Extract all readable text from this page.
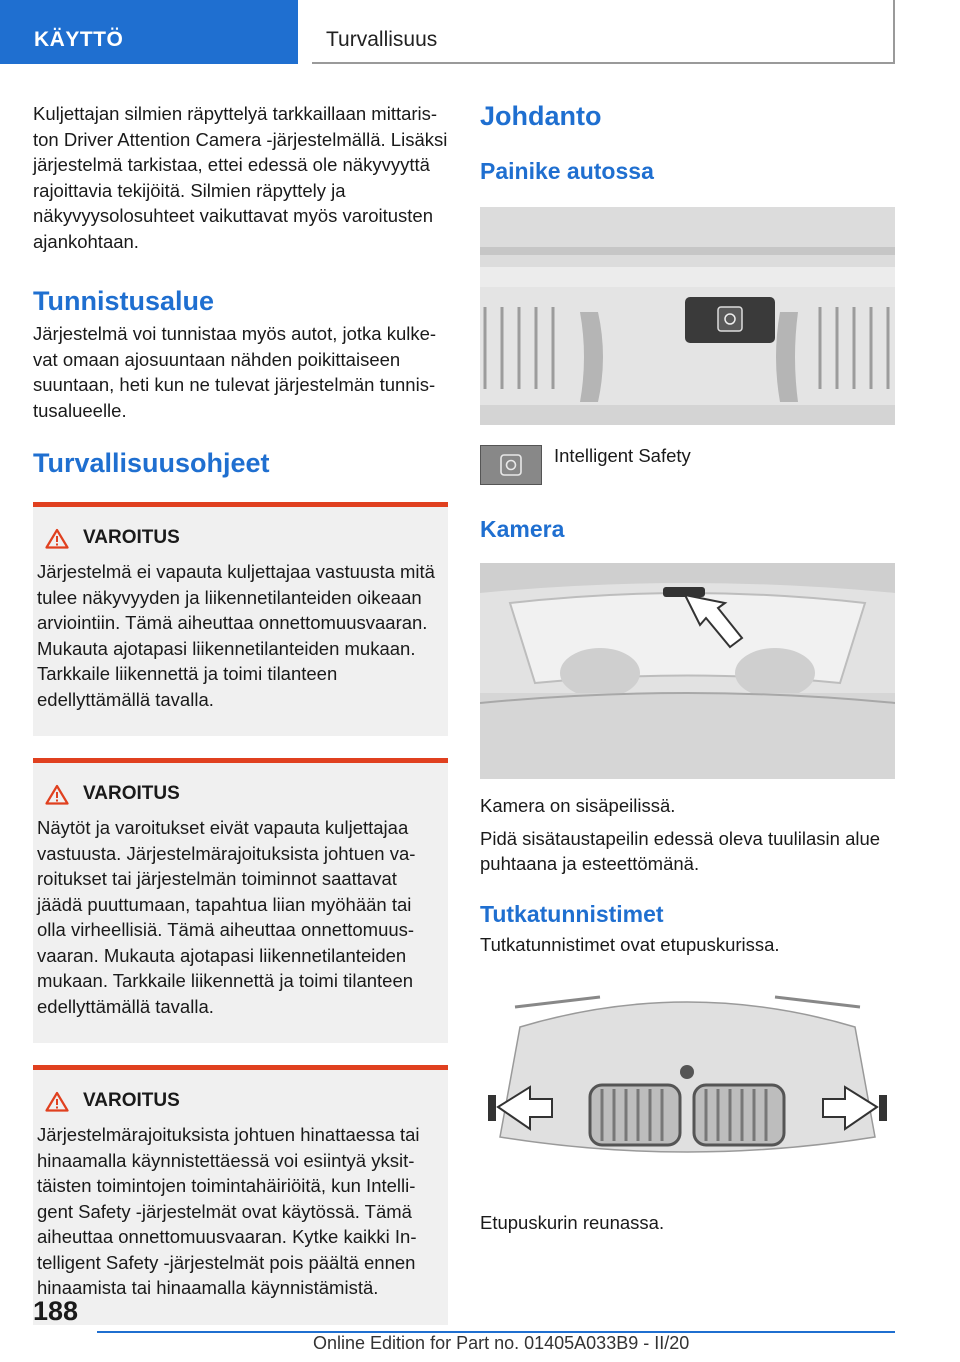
KÄYTTÖ	Turvallisuus

Kuljettajan silmien räpyttelyä tarkkaillaan mittariston Driver Attention Camera -järjestelmällä. Lisäksi järjestelmä tarkistaa, ettei edessä ole näkyvyyttä rajoittavia tekijöitä. Silmien räpyttely ja näkyvyysolosuhteet vaikuttavat myös varoitusten ajankohtaan.

Tunnistusalue

Järjestelmä voi tunnistaa myös autot, jotka kulkevat omaan ajosuuntaan nähden poikittaiseen suuntaan, heti kun ne tulevat järjestelmän tunnistusalueelle.

Turvallisuusohjeet
VAROITUS

Järjestelmä ei vapauta kuljettajaa vastuusta mitä tulee näkyvyyden ja liikennetilanteiden oikeaan arviointiin. Tämä aiheuttaa onnettomuusvaaran. Mukauta ajotapasi liikennetilanteiden mukaan. Tarkkaile liikennettä ja toimi tilanteen edellyttämällä tavalla.

VAROITUS

Näytöt ja varoitukset eivät vapauta kuljettajaa vastuusta. Järjestelmärajoituksista johtuen varoitukset tai järjestelmän toiminnot saattavat jäädä puuttumaan, tapahtua liian myöhään tai olla virheellisiä. Tämä aiheuttaa onnettomuusvaaran. Mukauta ajotapasi liikennetilanteiden mukaan. Tarkkaile liikennettä ja toimi tilanteen edellyttämällä tavalla.

VAROITUS

Järjestelmärajoituksista johtuen hinattaessa tai hinaamalla käynnistettäessä voi esiintyä yksittäisten toimintojen toimintahäiriöitä, kun Intelligent Safety -järjestelmät ovat käytössä. Tämä aiheuttaa onnettomuusvaaran. Kytke kaikki Intelligent Safety -järjestelmät pois päältä ennen hinaamista tai hinaamalla käynnistämistä.

Johdanto
Painike autossa

Intelligent Safety

Kamera

Kamera on sisäpeilissä.

Pidä sisätaustapeilin edessä oleva tuulilasin alue puhtaana ja esteettömänä.

Tutkatunnistimet

Tutkatunnistimet ovat etupuskurissa.

Etupuskurin reunassa.

188
Online Edition for Part no. 01405A033B9 - II/20
